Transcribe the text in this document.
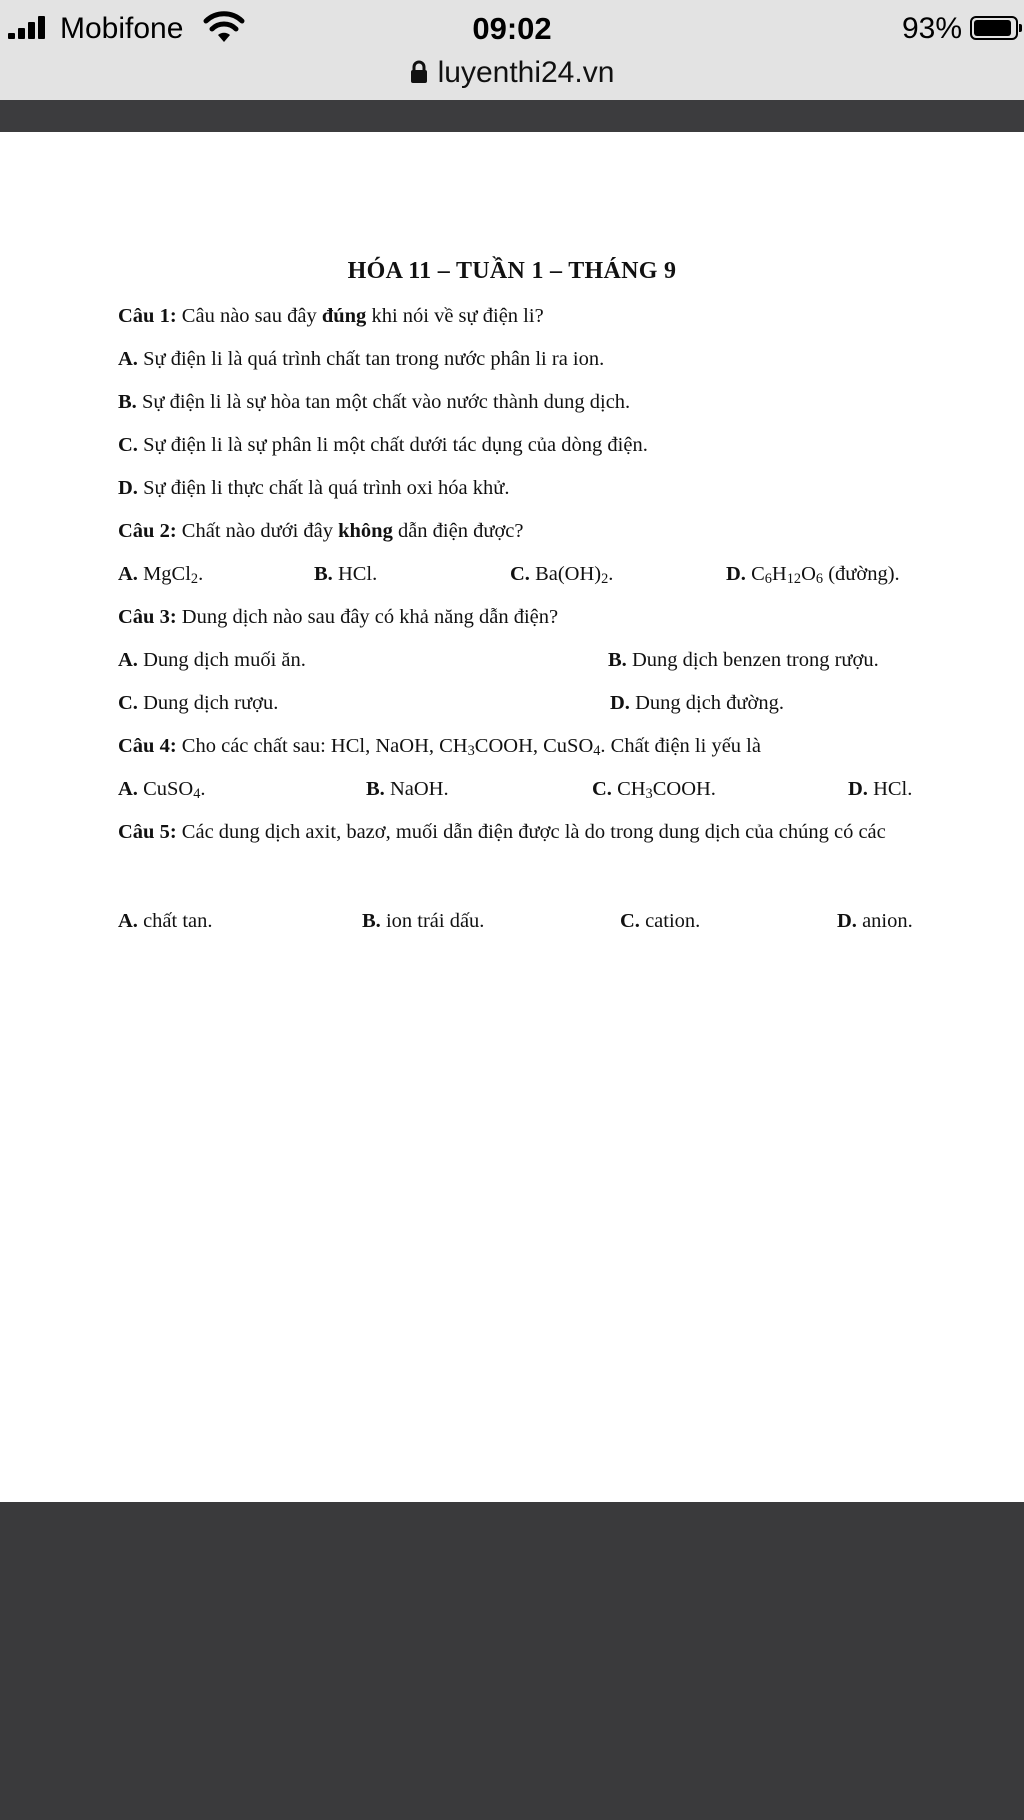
Mobifone	09:02	93%
luyenthi24.vn
HÓA 11 – TUẦN 1 – THÁNG 9
Câu 1: Câu nào sau đây đúng khi nói về sự điện li?
A. Sự điện li là quá trình chất tan trong nước phân li ra ion.
B. Sự điện li là sự hòa tan một chất vào nước thành dung dịch.
C. Sự điện li là sự phân li một chất dưới tác dụng của dòng điện.
D. Sự điện li thực chất là quá trình oxi hóa khử.
Câu 2: Chất nào dưới đây không dẫn điện được?
A. MgCl$_2$.	B. HCl.	C. $Ba(OH)_2$.	D. $C_6H_{12}O_6$ (đường).
Câu 3: Dung dịch nào sau đây có khả năng dẫn điện?
A. Dung dịch muối ăn.	B. Dung dịch benzen trong rượu.
C. Dung dịch rượu.	D. Dung dịch đường.
Câu 4: Cho các chất sau: HCl, NaOH, $CH_3COOH$, CuSO$_4$. Chất điện li yếu là
A. CuSO$_4$.	B. NaOH.	C. $CH_3COOH$.	D. HCl.
Câu 5: Các dung dịch axit, bazơ, muối dẫn điện được là do trong dung dịch của chúng có các
A. chất tan.	B. ion trái dấu.	C. cation.	D. anion.
